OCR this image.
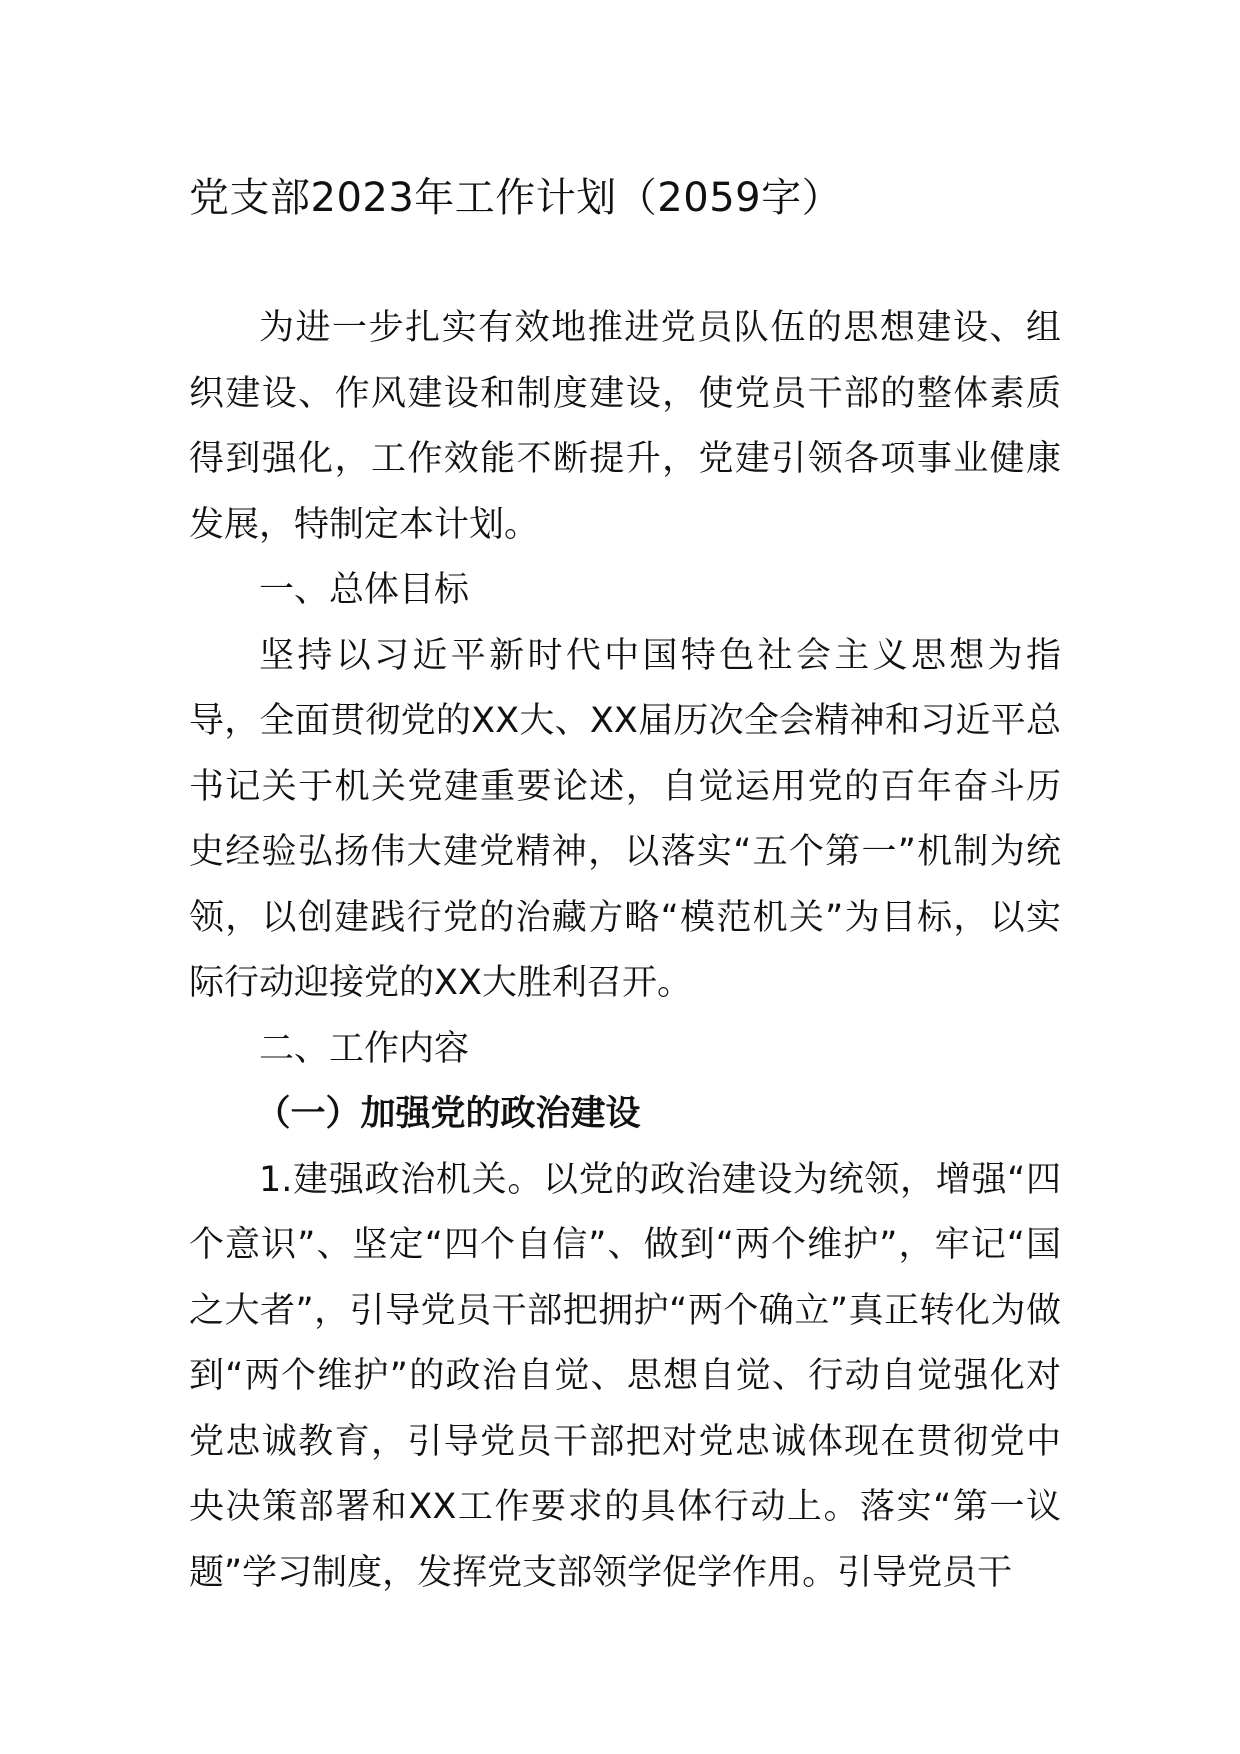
党支部2023年工作计划（2059字）

为进一步扎实有效地推进党员队伍的思想建设、组织建设、作风建设和制度建设，使党员干部的整体素质得到强化，工作效能不断提升，党建引领各项事业健康发展，特制定本计划。

一、总体目标

坚持以习近平新时代中国特色社会主义思想为指导，全面贯彻党的XX大、XX届历次全会精神和习近平总书记关于机关党建重要论述，自觉运用党的百年奋斗历史经验弘扬伟大建党精神，以落实“五个第一”机制为统领，以创建践行党的治藏方略“模范机关”为目标，以实际行动迎接党的XX大胜利召开。

二、工作内容

（一）加强党的政治建设

1.建强政治机关。以党的政治建设为统领，增强“四个意识”、坚定“四个自信”、做到“两个维护”，牢记“国之大者”，引导党员干部把拥护“两个确立”真正转化为做到“两个维护”的政治自觉、思想自觉、行动自觉强化对党忠诚教育，引导党员干部把对党忠诚体现在贯彻党中央决策部署和XX工作要求的具体行动上。落实“第一议题”学习制度，发挥党支部领学促学作用。引导党员干
